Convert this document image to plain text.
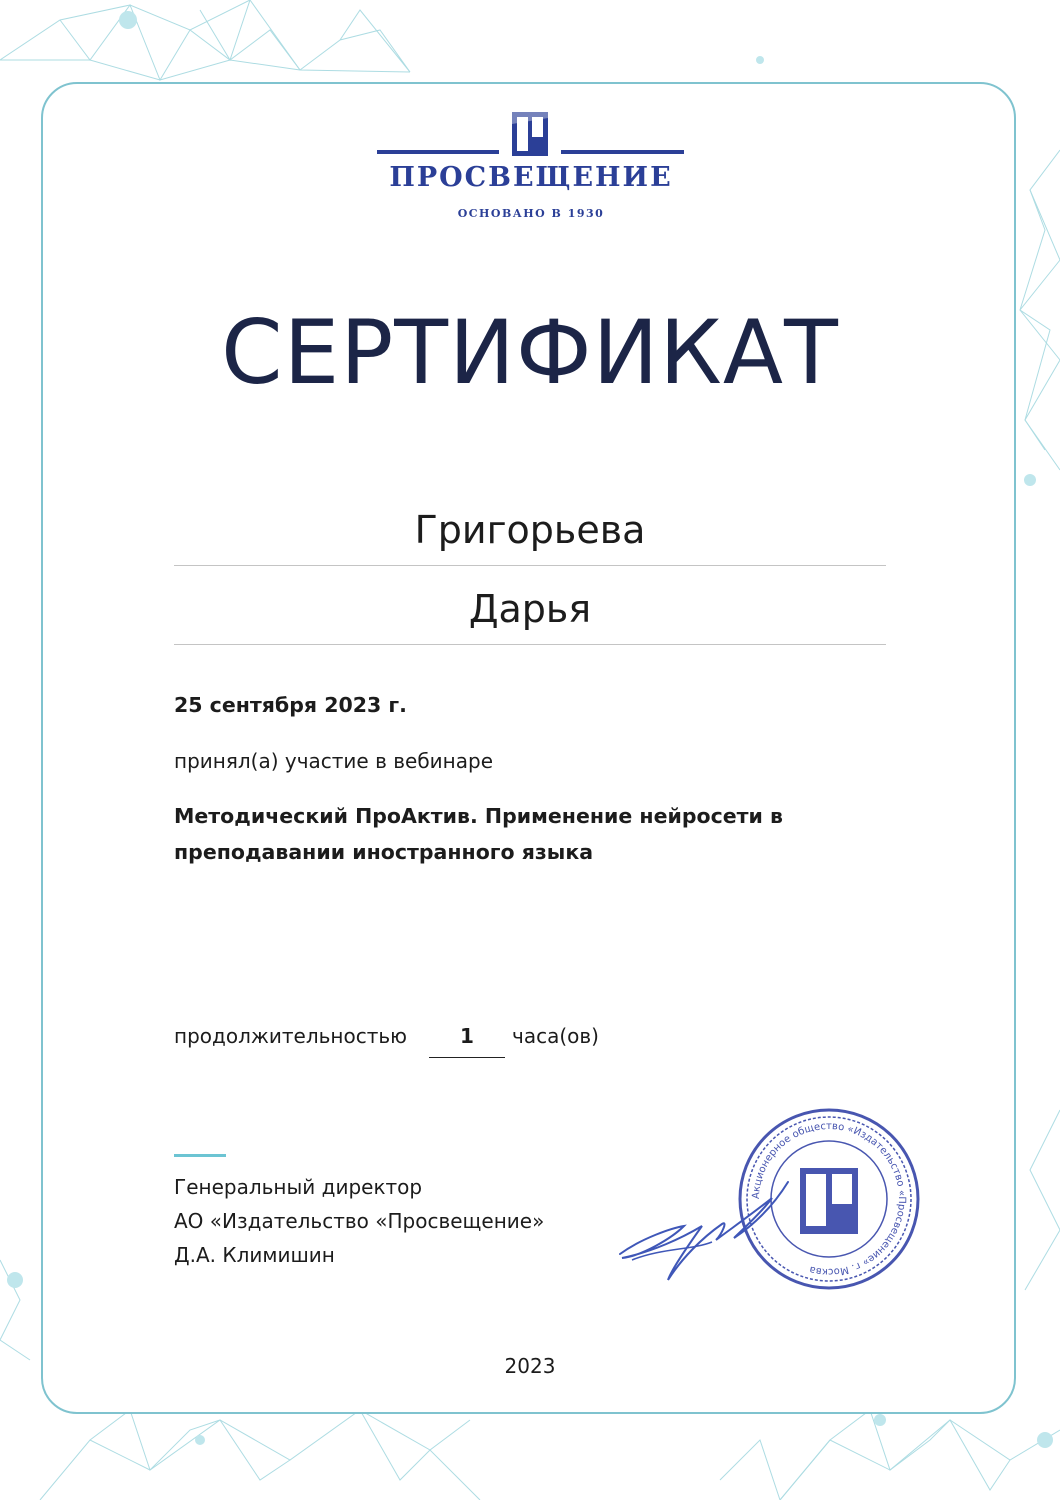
ПРОСВЕЩЕНИЕ
ОСНОВАНО В 1930
СЕРТИФИКАТ
Григорьева
Дарья
25 сентября 2023 г.
принял(а) участие в вебинаре
Методический ПроАктив. Применение нейросети в преподавании иностранного языка
продолжительностью	1	часа(ов)
Генеральный директор
АО «Издательство «Просвещение»
Д.А. Климишин
Акционерное общество «Издательство «Просвещение» г. Москва
2023
